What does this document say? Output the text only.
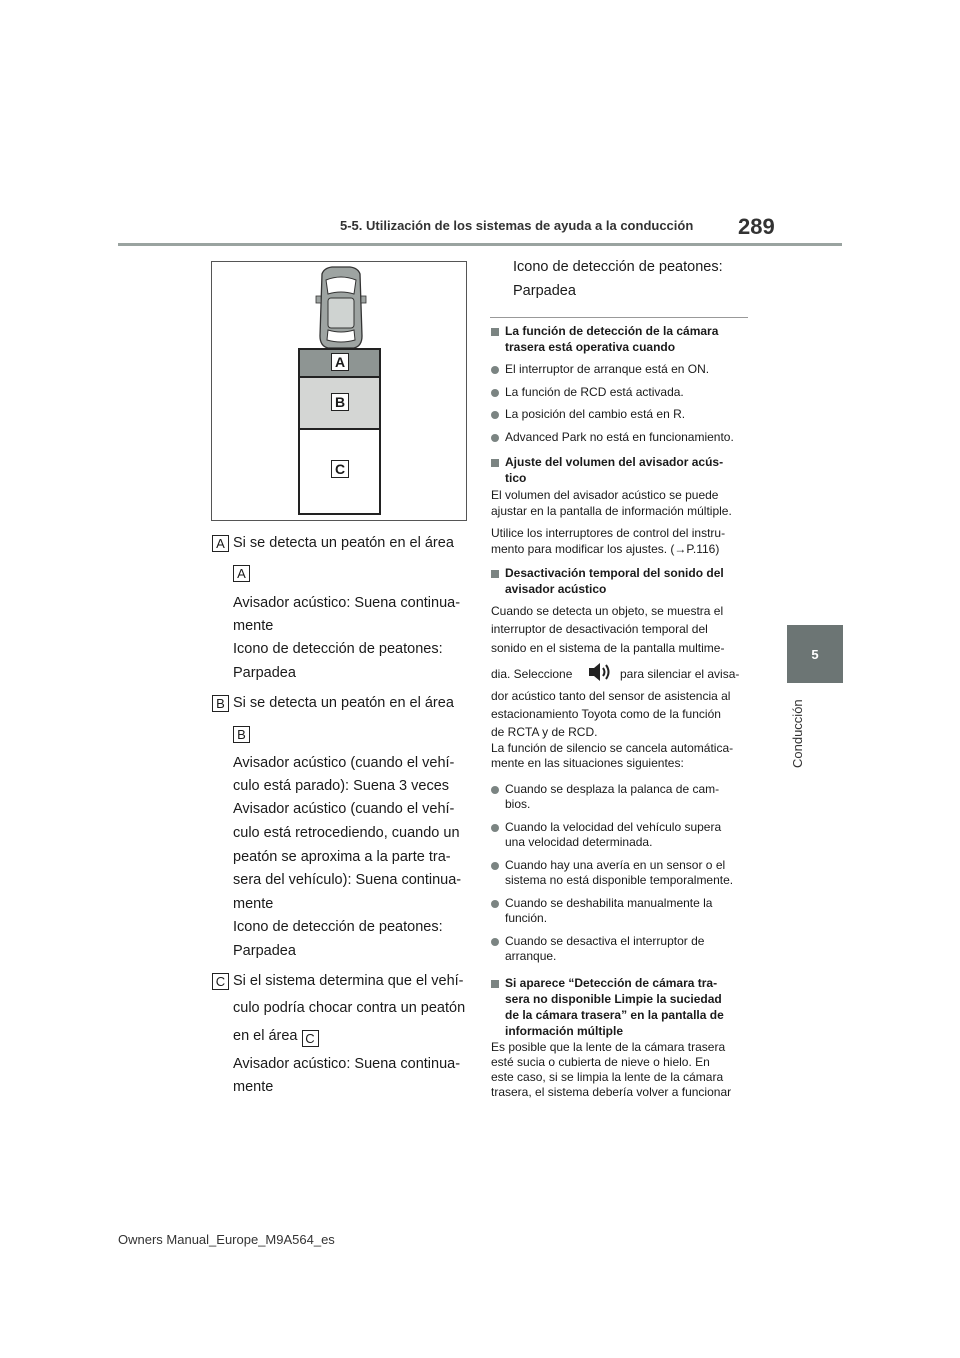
5-5. Utilización de los sistemas de ayuda a la conducción 289
5
Conducción
A
B
C
A Si se detecta un peatón en el área
A
Avisador acústico: Suena continua-
mente
Icono de detección de peatones:
Parpadea
B Si se detecta un peatón en el área
B
Avisador acústico (cuando el vehí-
culo está parado): Suena 3 veces
Avisador acústico (cuando el vehí-
culo está retrocediendo, cuando un
peatón se aproxima a la parte tra-
sera del vehículo): Suena continua-
mente
Icono de detección de peatones:
Parpadea
C Si el sistema determina que el vehí-
culo podría chocar contra un peatón
en el área C
Avisador acústico: Suena continua-
mente
Icono de detección de peatones:
Parpadea
La función de detección de la cámara
trasera está operativa cuando
El interruptor de arranque está en ON.
La función de RCD está activada.
La posición del cambio está en R.
Advanced Park no está en funcionamiento.
Ajuste del volumen del avisador acús-
tico
El volumen del avisador acústico se puede
ajustar en la pantalla de información múltiple.
Utilice los interruptores de control del instru-
mento para modificar los ajustes. (→P.116)
Desactivación temporal del sonido del
avisador acústico
Cuando se detecta un objeto, se muestra el
interruptor de desactivación temporal del
sonido en el sistema de la pantalla multime-
dia. Seleccione	para silenciar el avisa-
dor acústico tanto del sensor de asistencia al
estacionamiento Toyota como de la función
de RCTA y de RCD.
La función de silencio se cancela automática-
mente en las situaciones siguientes:
Cuando se desplaza la palanca de cam-
bios.
Cuando la velocidad del vehículo supera
una velocidad determinada.
Cuando hay una avería en un sensor o el
sistema no está disponible temporalmente.
Cuando se deshabilita manualmente la
función.
Cuando se desactiva el interruptor de
arranque.
Si aparece “Detección de cámara tra-
sera no disponible Limpie la suciedad
de la cámara trasera” en la pantalla de
información múltiple
Es posible que la lente de la cámara trasera
esté sucia o cubierta de nieve o hielo. En
este caso, si se limpia la lente de la cámara
trasera, el sistema debería volver a funcionar
Owners Manual_Europe_M9A564_es
